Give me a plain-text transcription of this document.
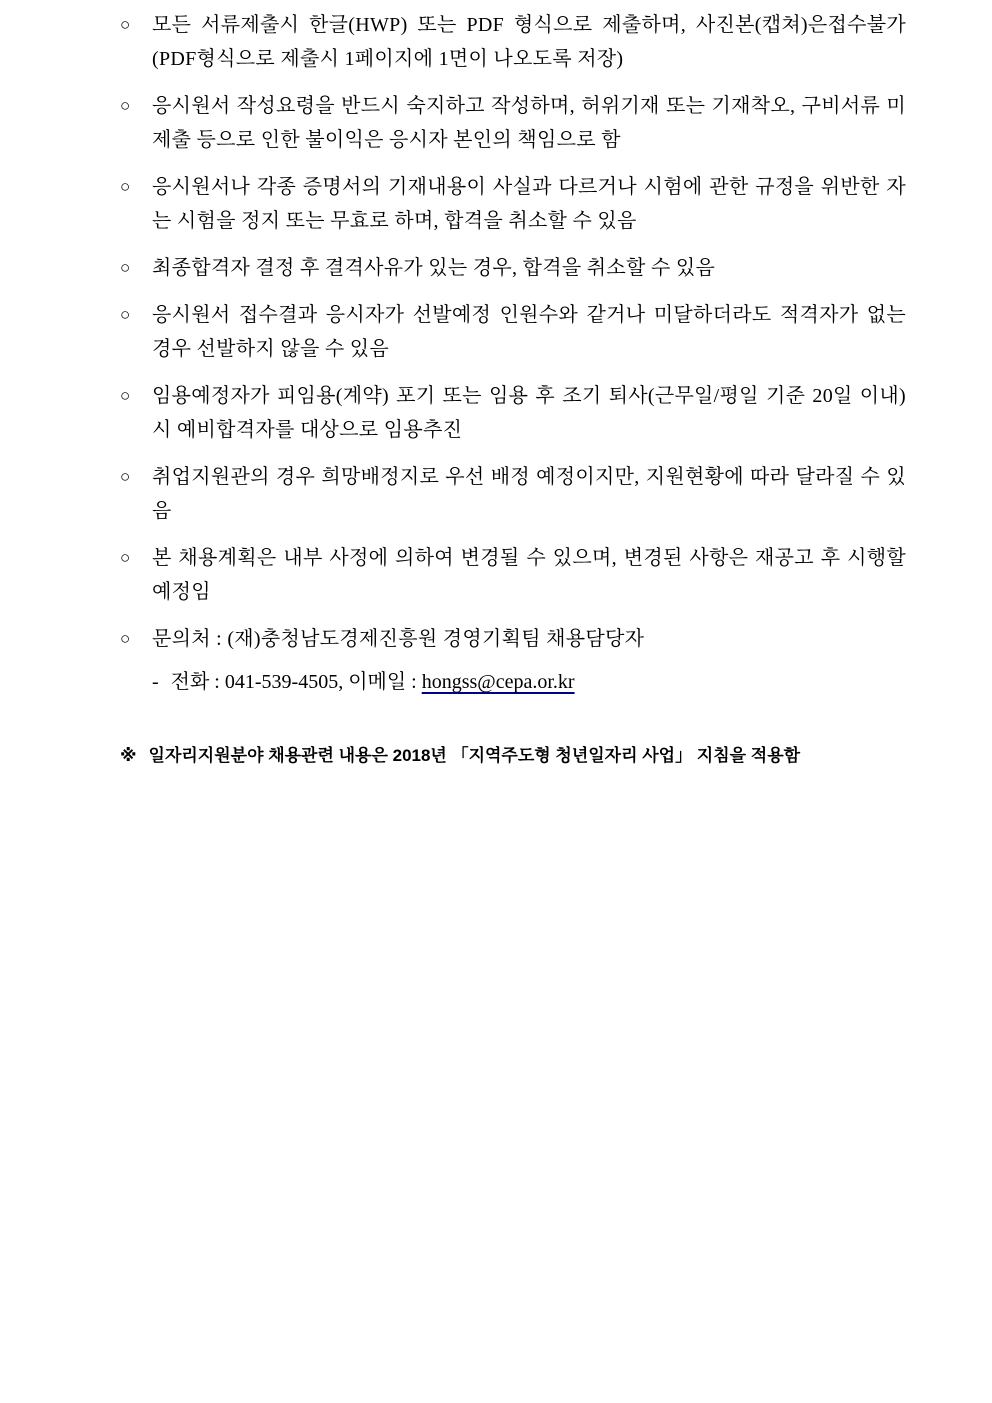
○	모든 서류제출시 한글(HWP) 또는 PDF 형식으로 제출하며, 사진본(캡쳐)은접수불가(PDF형식으로 제출시 1페이지에 1면이 나오도록 저장)

○	응시원서 작성요령을 반드시 숙지하고 작성하며, 허위기재 또는 기재착오, 구비서류 미제출 등으로 인한 불이익은 응시자 본인의 책임으로 함

○	응시원서나 각종 증명서의 기재내용이 사실과 다르거나 시험에 관한 규정을 위반한 자는 시험을 정지 또는 무효로 하며, 합격을 취소할 수 있음

○	최종합격자 결정 후 결격사유가 있는 경우, 합격을 취소할 수 있음

○	응시원서 접수결과 응시자가 선발예정 인원수와 같거나 미달하더라도 적격자가 없는 경우 선발하지 않을 수 있음

○	임용예정자가 피임용(계약) 포기 또는 임용 후 조기 퇴사(근무일/평일 기준 20일 이내)시 예비합격자를 대상으로 임용추진

○	취업지원관의 경우 희망배정지로 우선 배정 예정이지만, 지원현황에 따라 달라질 수 있음

○	본 채용계획은 내부 사정에 의하여 변경될 수 있으며, 변경된 사항은 재공고 후 시행할 예정임

○	문의처 : (재)충청남도경제진흥원 경영기획팀 채용담당자

- 전화 : 041-539-4505, 이메일 : hongss@cepa.or.kr
※ 일자리지원분야 채용관련 내용은 2018년 「지역주도형 청년일자리 사업」 지침을 적용함
